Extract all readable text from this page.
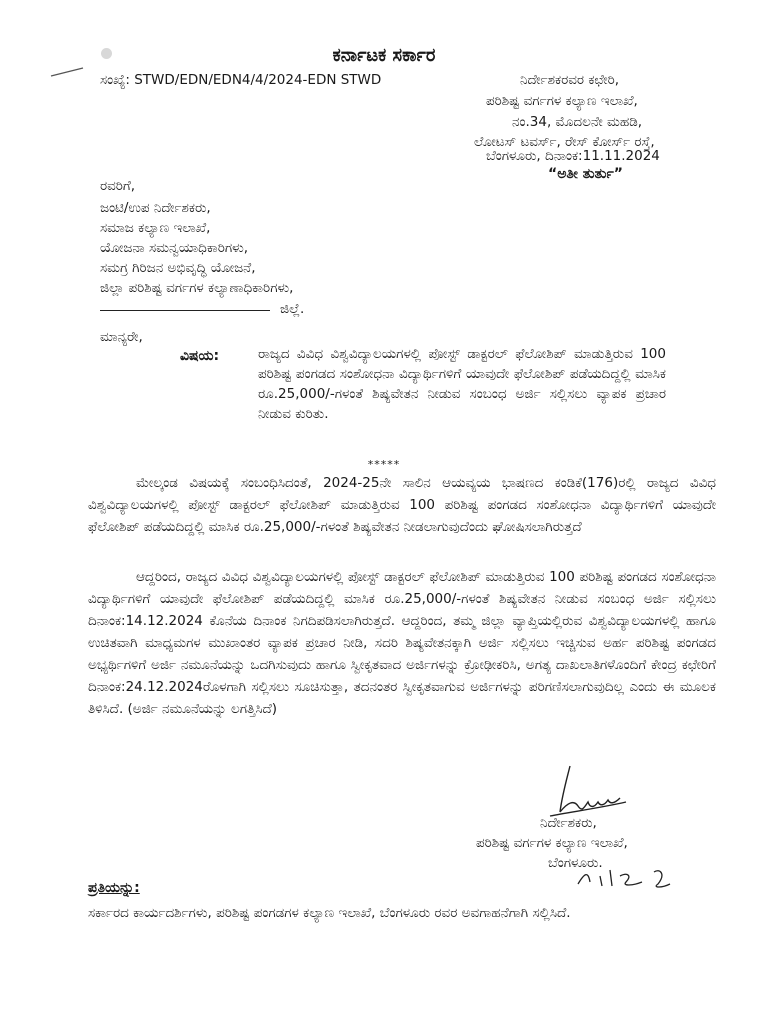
ಕರ್ನಾಟಕ ಸರ್ಕಾರ
ಸಂಖ್ಯೆ: STWD/EDN/EDN4/4/2024-EDN STWD	ನಿರ್ದೇಶಕರವರ ಕಛೇರಿ,
ಪರಿಶಿಷ್ಟ ವರ್ಗಗಳ ಕಲ್ಯಾಣ ಇಲಾಖೆ,
ನಂ.34, ಮೊದಲನೇ ಮಹಡಿ,
ಲೋಟಸ್ ಟವರ್ಸ್, ರೇಸ್ ಕೋರ್ಸ್ ರಸ್ತೆ,
ಬೆಂಗಳೂರು, ದಿನಾಂಕ:11.11.2024
“ಅತೀ ತುರ್ತು”
ರವರಿಗೆ,
ಜಂಟಿ/ಉಪ ನಿರ್ದೇಶಕರು,
ಸಮಾಜ ಕಲ್ಯಾಣ ಇಲಾಖೆ,
ಯೋಜನಾ ಸಮನ್ವಯಾಧಿಕಾರಿಗಳು,
ಸಮಗ್ರ ಗಿರಿಜನ ಅಭಿವೃದ್ಧಿ ಯೋಜನೆ,
ಜಿಲ್ಲಾ ಪರಿಶಿಷ್ಟ ವರ್ಗಗಳ ಕಲ್ಯಾಣಾಧಿಕಾರಿಗಳು,
ಜಿಲ್ಲೆ.
ಮಾನ್ಯರೇ,
ವಿಷಯ:	ರಾಜ್ಯದ ವಿವಿಧ ವಿಶ್ವವಿದ್ಯಾಲಯಗಳಲ್ಲಿ ಪೋಸ್ಟ್ ಡಾಕ್ಟರಲ್ ಫೆಲೋಶಿಪ್ ಮಾಡುತ್ತಿರುವ 100 ಪರಿಶಿಷ್ಟ ಪಂಗಡದ ಸಂಶೋಧನಾ ವಿದ್ಯಾರ್ಥಿಗಳಿಗೆ ಯಾವುದೇ ಫೆಲೋಶಿಪ್ ಪಡೆಯದಿದ್ದಲ್ಲಿ ಮಾಸಿಕ ರೂ.25,000/-ಗಳಂತೆ ಶಿಷ್ಯವೇತನ ನೀಡುವ ಸಂಬಂಧ ಅರ್ಜಿ ಸಲ್ಲಿಸಲು ವ್ಯಾಪಕ ಪ್ರಚಾರ ನೀಡುವ ಕುರಿತು.
*****
ಮೇಲ್ಕಂಡ ವಿಷಯಕ್ಕೆ ಸಂಬಂಧಿಸಿದಂತೆ, 2024-25ನೇ ಸಾಲಿನ ಆಯವ್ಯಯ ಭಾಷಣದ ಕಂಡಿಕೆ(176)ರಲ್ಲಿ ರಾಜ್ಯದ ವಿವಿಧ ವಿಶ್ವವಿದ್ಯಾಲಯಗಳಲ್ಲಿ ಪೋಸ್ಟ್ ಡಾಕ್ಟರಲ್ ಫೆಲೋಶಿಪ್ ಮಾಡುತ್ತಿರುವ 100 ಪರಿಶಿಷ್ಟ ಪಂಗಡದ ಸಂಶೋಧನಾ ವಿದ್ಯಾರ್ಥಿಗಳಿಗೆ ಯಾವುದೇ ಫೆಲೋಶಿಪ್ ಪಡೆಯದಿದ್ದಲ್ಲಿ ಮಾಸಿಕ ರೂ.25,000/-ಗಳಂತೆ ಶಿಷ್ಯವೇತನ ನೀಡಲಾಗುವುದೆಂದು ಘೋಷಿಸಲಾಗಿರುತ್ತದೆ
ಆದ್ದರಿಂದ, ರಾಜ್ಯದ ವಿವಿಧ ವಿಶ್ವವಿದ್ಯಾಲಯಗಳಲ್ಲಿ ಪೋಸ್ಟ್ ಡಾಕ್ಟರಲ್ ಫೆಲೋಶಿಪ್ ಮಾಡುತ್ತಿರುವ 100 ಪರಿಶಿಷ್ಟ ಪಂಗಡದ ಸಂಶೋಧನಾ ವಿದ್ಯಾರ್ಥಿಗಳಿಗೆ ಯಾವುದೇ ಫೆಲೋಶಿಪ್ ಪಡೆಯದಿದ್ದಲ್ಲಿ ಮಾಸಿಕ ರೂ.25,000/-ಗಳಂತೆ ಶಿಷ್ಯವೇತನ ನೀಡುವ ಸಂಬಂಧ ಅರ್ಜಿ ಸಲ್ಲಿಸಲು ದಿನಾಂಕ:14.12.2024 ಕೊನೆಯ ದಿನಾಂಕ ನಿಗದಿಪಡಿಸಲಾಗಿರುತ್ತದೆ. ಆದ್ದರಿಂದ, ತಮ್ಮ ಜಿಲ್ಲಾ ವ್ಯಾಪ್ತಿಯಲ್ಲಿರುವ ವಿಶ್ವವಿದ್ಯಾಲಯಗಳಲ್ಲಿ ಹಾಗೂ ಉಚಿತವಾಗಿ ಮಾಧ್ಯಮಗಳ ಮುಖಾಂತರ ವ್ಯಾಪಕ ಪ್ರಚಾರ ನೀಡಿ, ಸದರಿ ಶಿಷ್ಯವೇತನಕ್ಕಾಗಿ ಅರ್ಜಿ ಸಲ್ಲಿಸಲು ಇಚ್ಚಿಸುವ ಅರ್ಹ ಪರಿಶಿಷ್ಟ ಪಂಗಡದ ಅಭ್ಯರ್ಥಿಗಳಿಗೆ ಅರ್ಜಿ ನಮೂನೆಯನ್ನು ಒದಗಿಸುವುದು ಹಾಗೂ ಸ್ವೀಕೃತವಾದ ಅರ್ಜಿಗಳನ್ನು ಕ್ರೋಢೀಕರಿಸಿ, ಅಗತ್ಯ ದಾಖಲಾತಿಗಳೊಂದಿಗೆ ಕೇಂದ್ರ ಕಛೇರಿಗೆ ದಿನಾಂಕ:24.12.2024ರೊಳಗಾಗಿ ಸಲ್ಲಿಸಲು ಸೂಚಿಸುತ್ತಾ, ತದನಂತರ ಸ್ವೀಕೃತವಾಗುವ ಅರ್ಜಿಗಳನ್ನು ಪರಿಗಣಿಸಲಾಗುವುದಿಲ್ಲ ಎಂದು ಈ ಮೂಲಕ ತಿಳಿಸಿದೆ. (ಅರ್ಜಿ ನಮೂನೆಯನ್ನು ಲಗತ್ತಿಸಿದೆ)
ನಿರ್ದೇಶಕರು,
ಪರಿಶಿಷ್ಟ ವರ್ಗಗಳ ಕಲ್ಯಾಣ ಇಲಾಖೆ,
ಬೆಂಗಳೂರು.
ಪ್ರತಿಯನ್ನು:
ಸರ್ಕಾರದ ಕಾರ್ಯದರ್ಶಿಗಳು, ಪರಿಶಿಷ್ಟ ಪಂಗಡಗಳ ಕಲ್ಯಾಣ ಇಲಾಖೆ, ಬೆಂಗಳೂರು ರವರ ಅವಗಾಹನೆಗಾಗಿ ಸಲ್ಲಿಸಿದೆ.
